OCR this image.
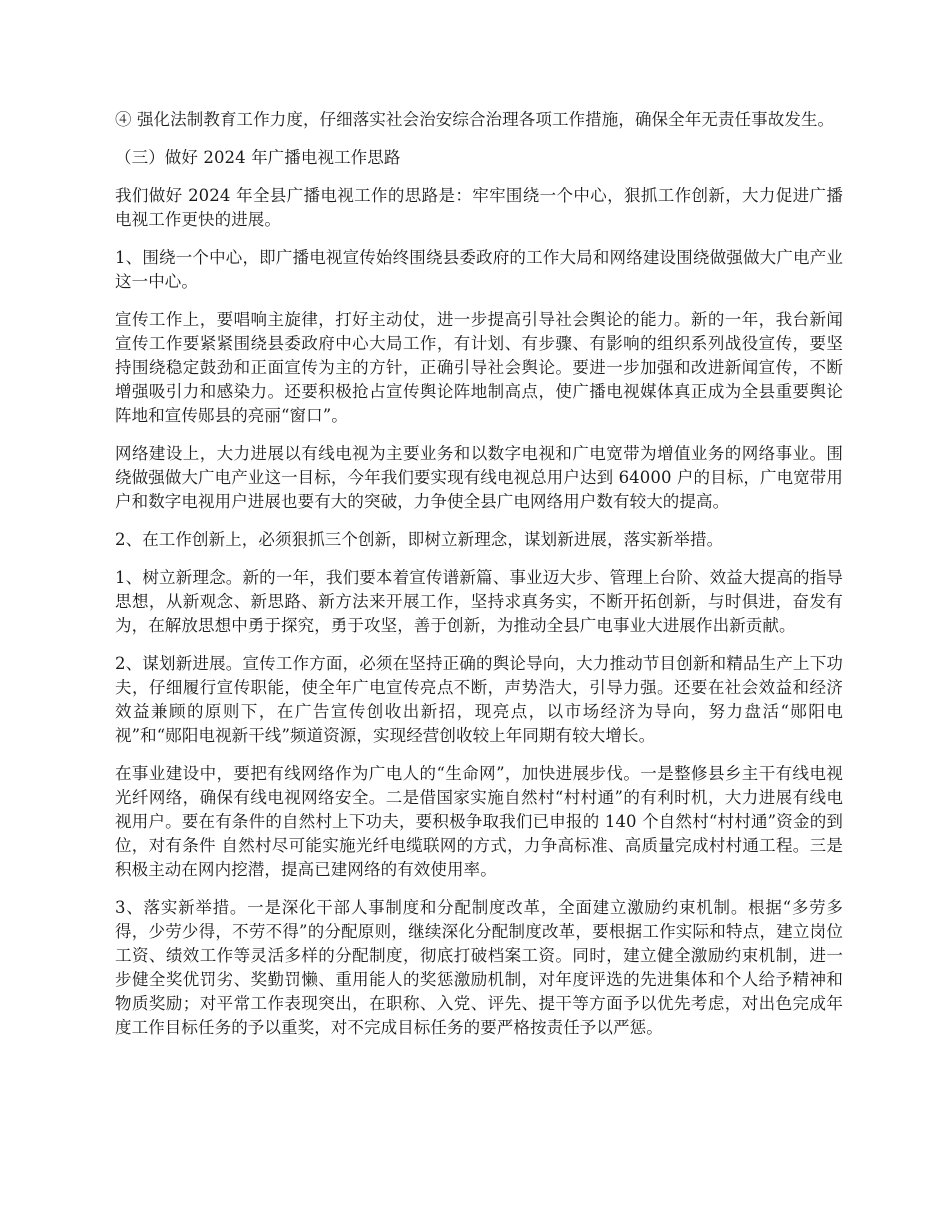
④ 强化法制教育工作力度，仔细落实社会治安综合治理各项工作措施，确保全年无责任事故发生。

（三）做好 2024 年广播电视工作思路

我们做好 2024 年全县广播电视工作的思路是：牢牢围绕一个中心，狠抓工作创新，大力促进广播电视工作更快的进展。

1、围绕一个中心，即广播电视宣传始终围绕县委政府的工作大局和网络建设围绕做强做大广电产业这一中心。

宣传工作上，要唱响主旋律，打好主动仗，进一步提高引导社会舆论的能力。新的一年，我台新闻宣传工作要紧紧围绕县委政府中心大局工作，有计划、有步骤、有影响的组织系列战役宣传，要坚持围绕稳定鼓劲和正面宣传为主的方针，正确引导社会舆论。要进一步加强和改进新闻宣传，不断增强吸引力和感染力。还要积极抢占宣传舆论阵地制高点，使广播电视媒体真正成为全县重要舆论阵地和宣传郧县的亮丽“窗口”。

网络建设上，大力进展以有线电视为主要业务和以数字电视和广电宽带为增值业务的网络事业。围绕做强做大广电产业这一目标，今年我们要实现有线电视总用户达到 64000 户的目标，广电宽带用户和数字电视用户进展也要有大的突破，力争使全县广电网络用户数有较大的提高。

2、在工作创新上，必须狠抓三个创新，即树立新理念，谋划新进展，落实新举措。

1、树立新理念。新的一年，我们要本着宣传谱新篇、事业迈大步、管理上台阶、效益大提高的指导思想，从新观念、新思路、新方法来开展工作，坚持求真务实，不断开拓创新，与时俱进，奋发有为，在解放思想中勇于探究，勇于攻坚，善于创新，为推动全县广电事业大进展作出新贡献。

2、谋划新进展。宣传工作方面，必须在坚持正确的舆论导向，大力推动节目创新和精品生产上下功夫，仔细履行宣传职能，使全年广电宣传亮点不断，声势浩大，引导力强。还要在社会效益和经济效益兼顾的原则下，在广告宣传创收出新招，现亮点，以市场经济为导向，努力盘活“郧阳电视”和“郧阳电视新干线”频道资源，实现经营创收较上年同期有较大增长。

在事业建设中，要把有线网络作为广电人的“生命网”，加快进展步伐。一是整修县乡主干有线电视光纤网络，确保有线电视网络安全。二是借国家实施自然村“村村通”的有利时机，大力进展有线电视用户。要在有条件的自然村上下功夫，要积极争取我们已申报的 140 个自然村“村村通”资金的到位，对有条件 自然村尽可能实施光纤电缆联网的方式，力争高标准、高质量完成村村通工程。三是积极主动在网内挖潜，提高已建网络的有效使用率。

3、落实新举措。一是深化干部人事制度和分配制度改革，全面建立激励约束机制。根据“多劳多得，少劳少得，不劳不得”的分配原则，继续深化分配制度改革，要根据工作实际和特点，建立岗位工资、绩效工作等灵活多样的分配制度，彻底打破档案工资。同时，建立健全激励约束机制，进一步健全奖优罚劣、奖勤罚懒、重用能人的奖惩激励机制，对年度评选的先进集体和个人给予精神和物质奖励；对平常工作表现突出，在职称、入党、评先、提干等方面予以优先考虑，对出色完成年度工作目标任务的予以重奖，对不完成目标任务的要严格按责任予以严惩。
